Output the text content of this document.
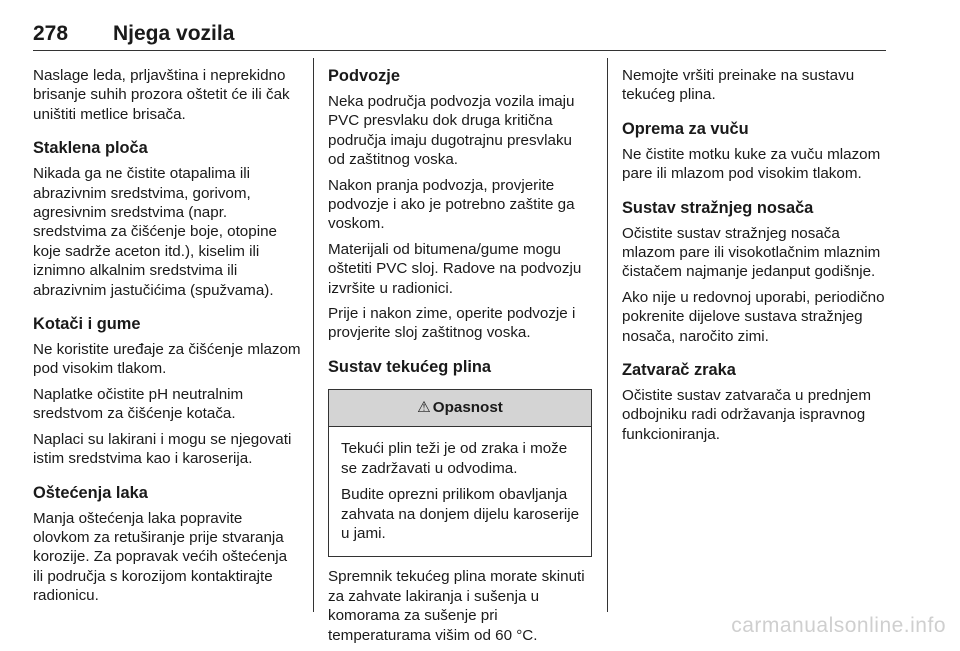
278 Njega vozila

Naslage leda, prljavština i neprekidno brisanje suhih prozora oštetit će ili čak uništiti metlice brisača.

Staklena ploča

Nikada ga ne čistite otapalima ili abrazivnim sredstvima, gorivom, agresivnim sredstvima (napr. sredstvima za čišćenje boje, otopine koje sadrže aceton itd.), kiselim ili iznimno alkalnim sredstvima ili abrazivnim jastučićima (spužvama).

Kotači i gume

Ne koristite uređaje za čišćenje mlazom pod visokim tlakom.

Naplatke očistite pH neutralnim sredstvom za čišćenje kotača.

Naplaci su lakirani i mogu se njegovati istim sredstvima kao i karoserija.

Oštećenja laka

Manja oštećenja laka popravite olovkom za retuširanje prije stvaranja korozije. Za popravak većih oštećenja ili područja s korozijom kontaktirajte radionicu.

Podvozje

Neka područja podvozja vozila imaju PVC presvlaku dok druga kritična područja imaju dugotrajnu presvlaku od zaštitnog voska.

Nakon pranja podvozja, provjerite podvozje i ako je potrebno zaštite ga voskom.

Materijali od bitumena/gume mogu oštetiti PVC sloj. Radove na podvozju izvršite u radionici.

Prije i nakon zime, operite podvozje i provjerite sloj zaštitnog voska.

Sustav tekućeg plina
⚠ Opasnost

Tekući plin teži je od zraka i može se zadržavati u odvodima.

Budite oprezni prilikom obavljanja zahvata na donjem dijelu karoserije u jami.

Spremnik tekućeg plina morate skinuti za zahvate lakiranja i sušenja u komorama za sušenje pri temperaturama višim od 60 °C.

Nemojte vršiti preinake na sustavu tekućeg plina.

Oprema za vuču

Ne čistite motku kuke za vuču mlazom pare ili mlazom pod visokim tlakom.

Sustav stražnjeg nosača

Očistite sustav stražnjeg nosača mlazom pare ili visokotlačnim mlaznim čistačem najmanje jedanput godišnje.

Ako nije u redovnoj uporabi, periodično pokrenite dijelove sustava stražnjeg nosača, naročito zimi.

Zatvarač zraka

Očistite sustav zatvarača u prednjem odbojniku radi održavanja ispravnog funkcioniranja.

carmanualsonline.info
